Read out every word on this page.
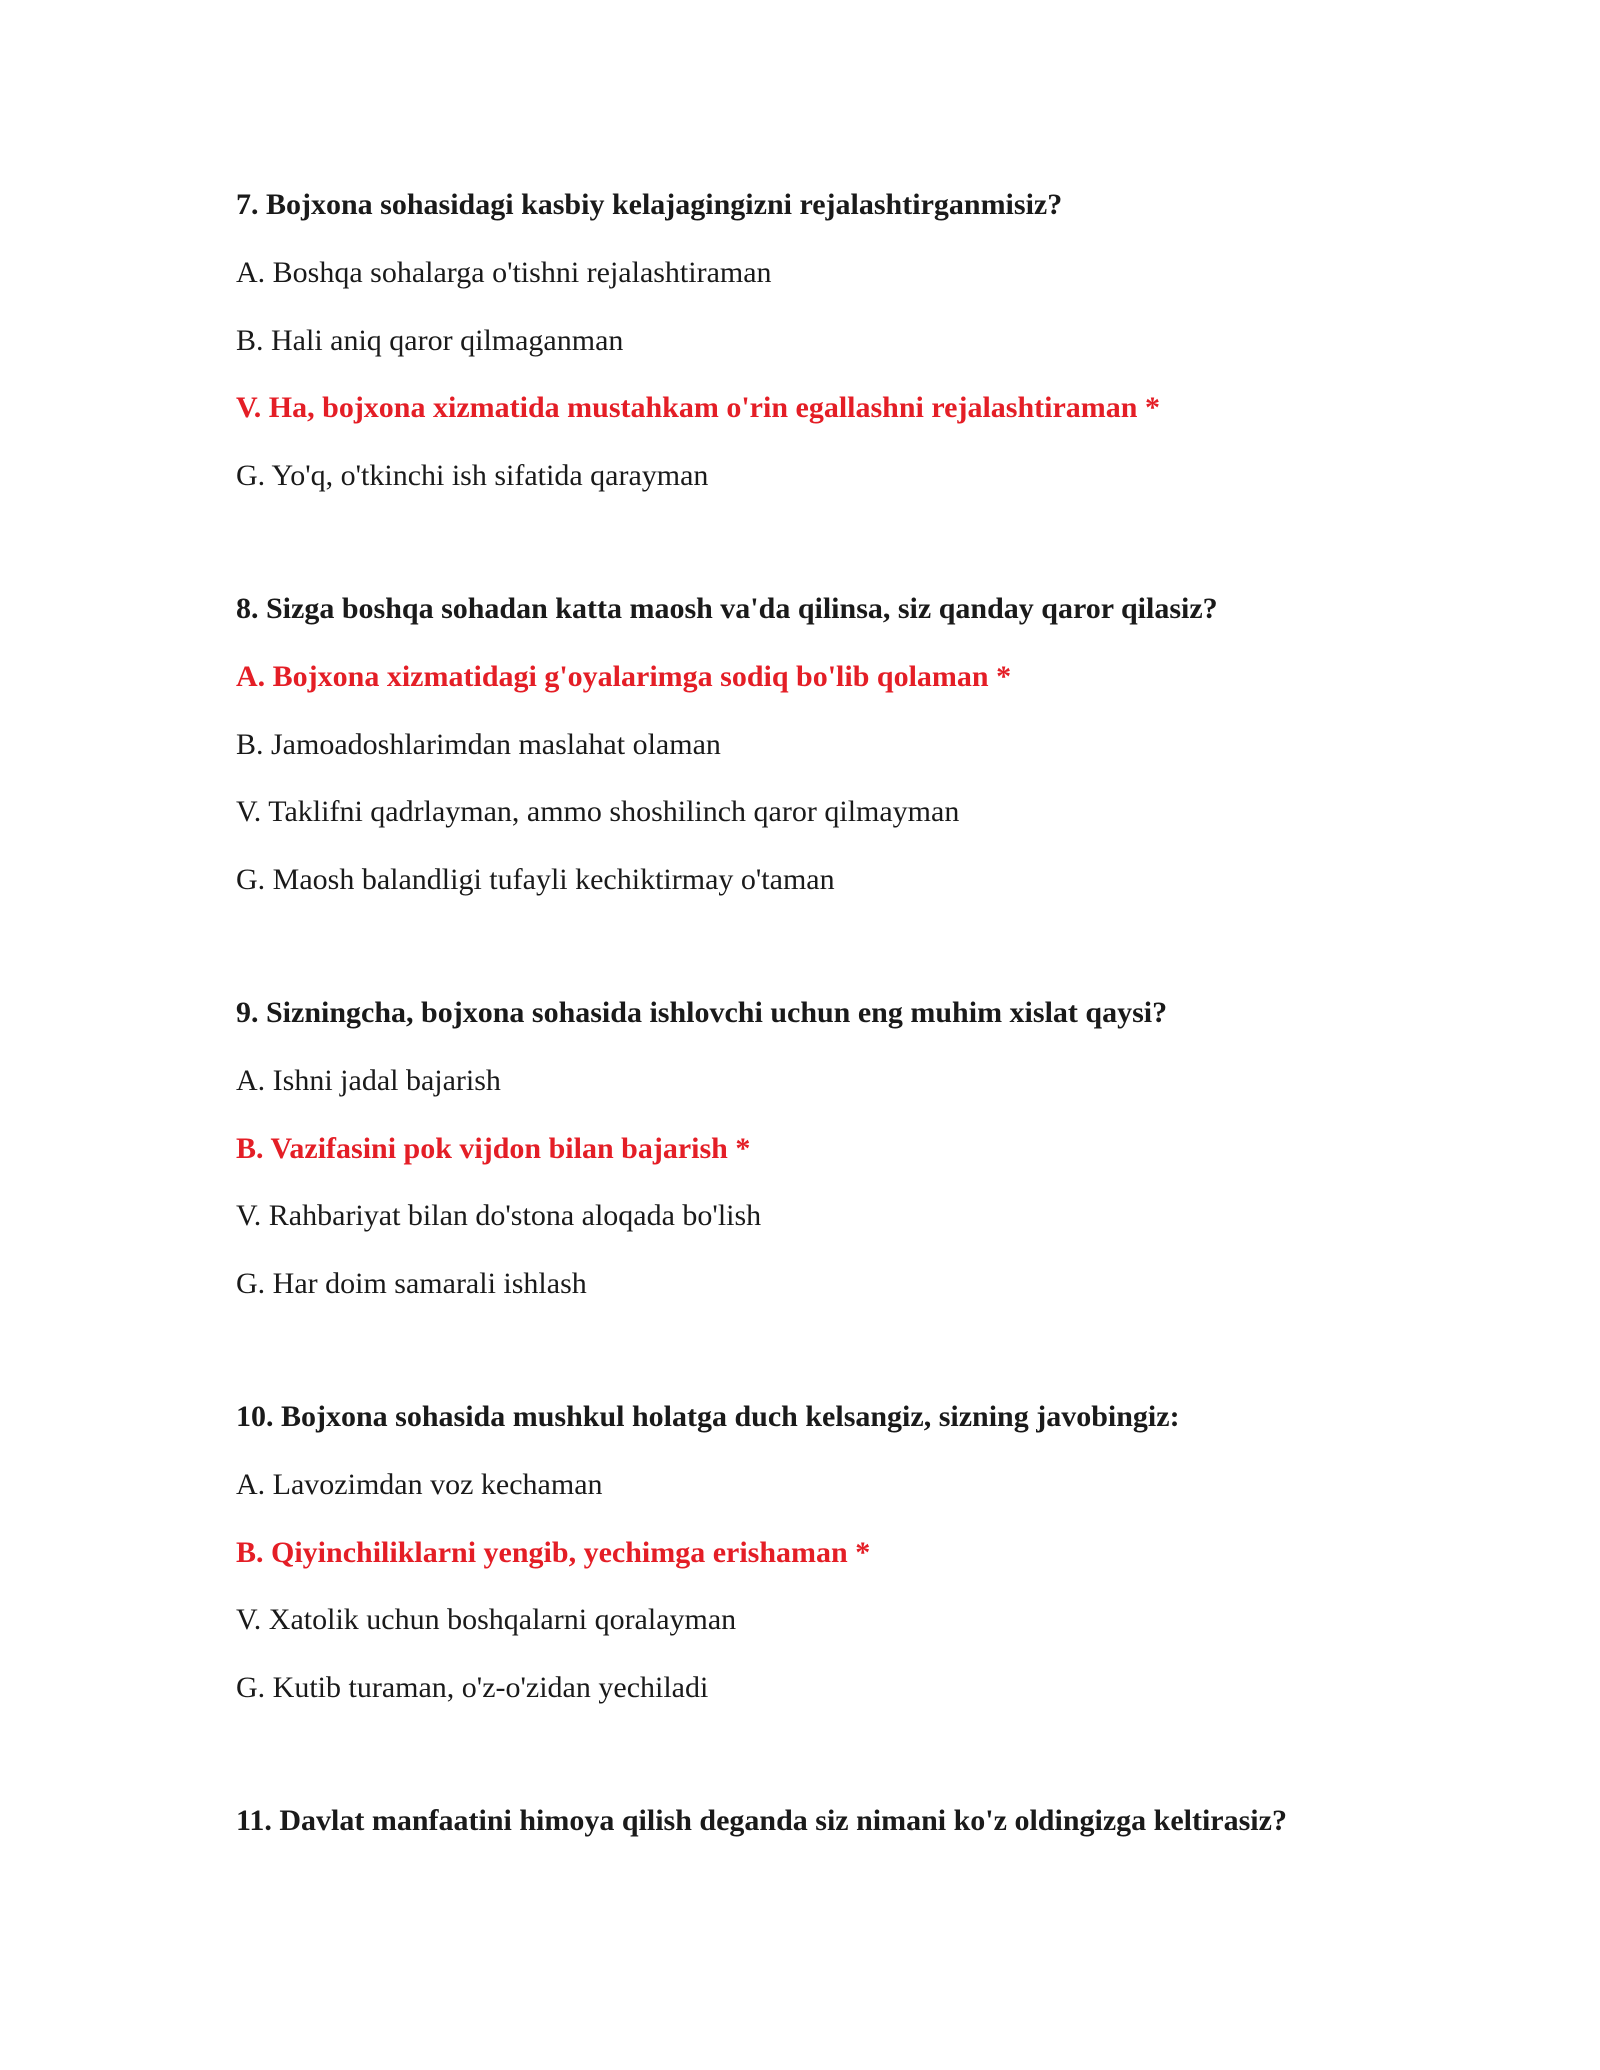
7. Bojxona sohasidagi kasbiy kelajagingizni rejalashtirganmisiz?
A. Boshqa sohalarga o'tishni rejalashtiraman
B. Hali aniq qaror qilmaganman
V. Ha, bojxona xizmatida mustahkam o'rin egallashni rejalashtiraman *
G. Yo'q, o'tkinchi ish sifatida qarayman
8. Sizga boshqa sohadan katta maosh va'da qilinsa, siz qanday qaror qilasiz?
A. Bojxona xizmatidagi g'oyalarimga sodiq bo'lib qolaman *
B. Jamoadoshlarimdan maslahat olaman
V. Taklifni qadrlayman, ammo shoshilinch qaror qilmayman
G. Maosh balandligi tufayli kechiktirmay o'taman
9. Sizningcha, bojxona sohasida ishlovchi uchun eng muhim xislat qaysi?
A. Ishni jadal bajarish
B. Vazifasini pok vijdon bilan bajarish *
V. Rahbariyat bilan do'stona aloqada bo'lish
G. Har doim samarali ishlash
10. Bojxona sohasida mushkul holatga duch kelsangiz, sizning javobingiz:
A. Lavozimdan voz kechaman
B. Qiyinchiliklarni yengib, yechimga erishaman *
V. Xatolik uchun boshqalarni qoralayman
G. Kutib turaman, o'z-o'zidan yechiladi
11. Davlat manfaatini himoya qilish deganda siz nimani ko'z oldingizga keltirasiz?
